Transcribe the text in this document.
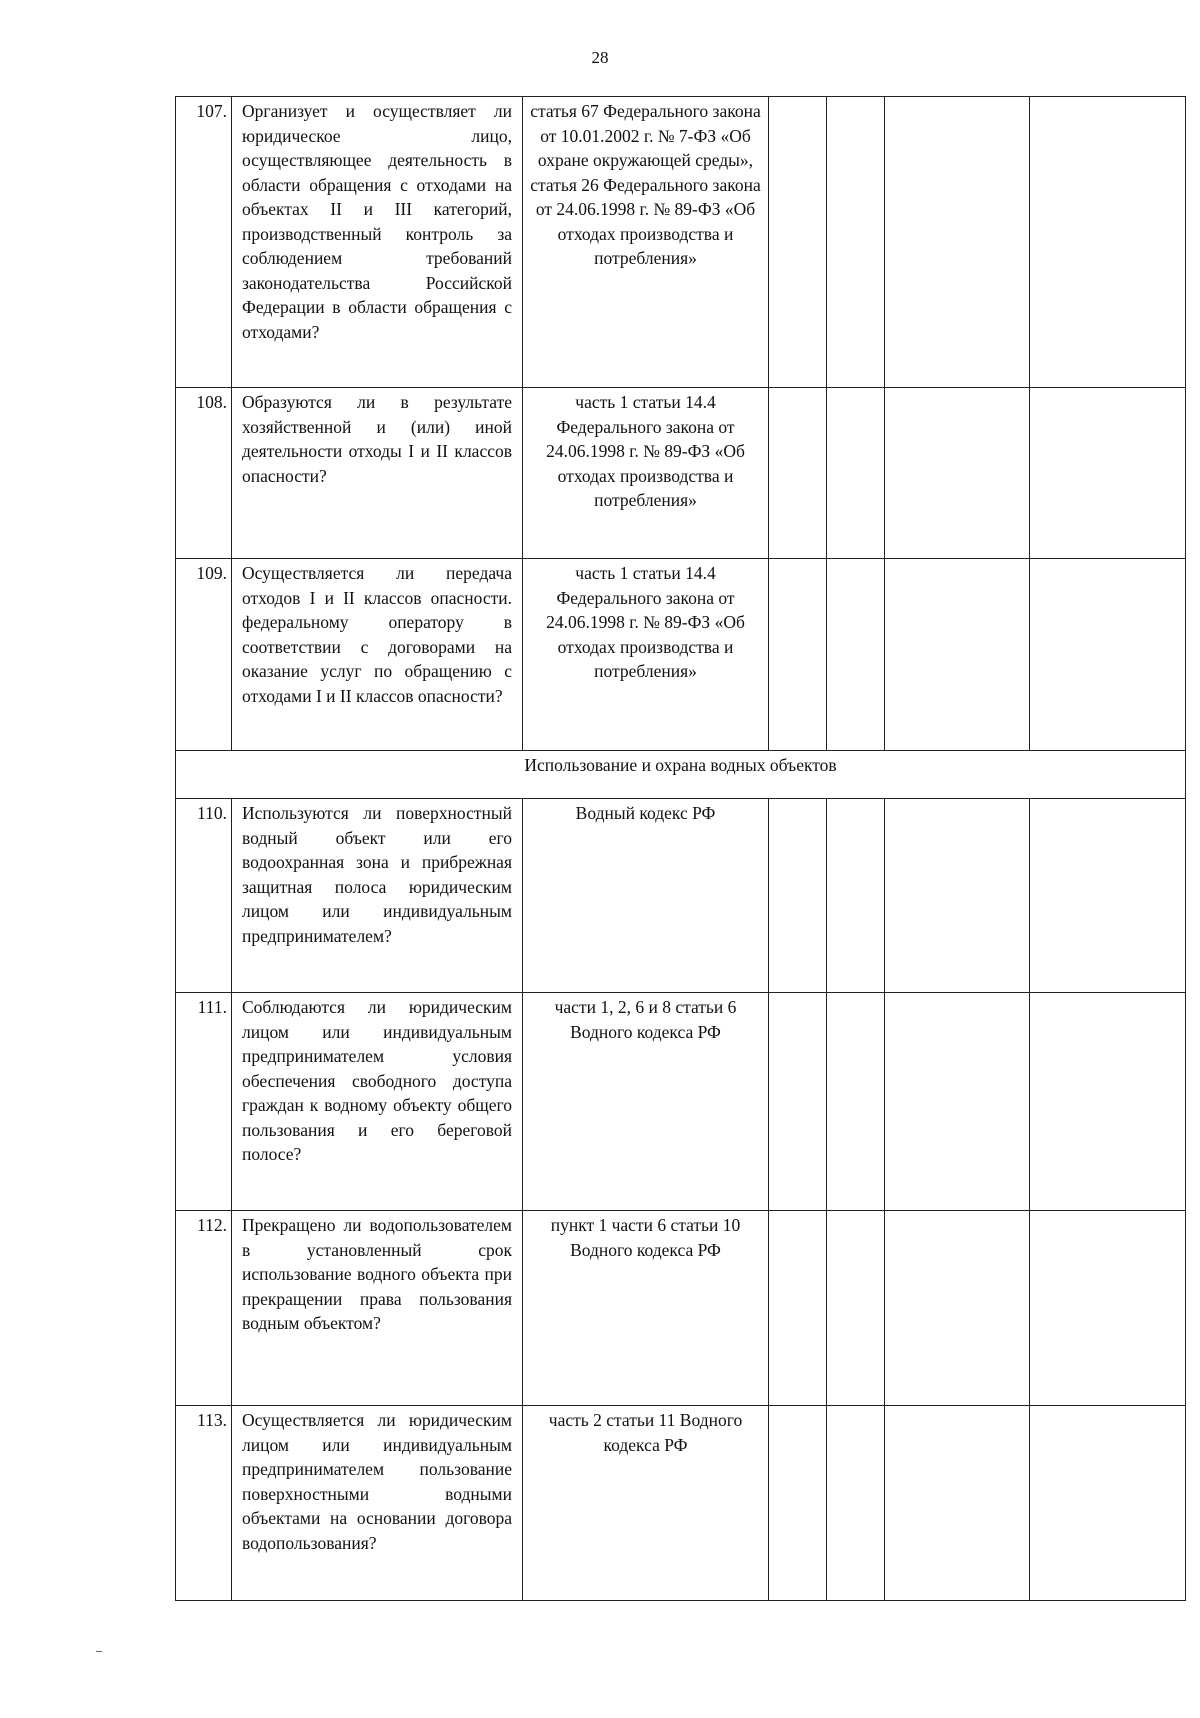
28
107.	Организует и осуществляет ли юридическое лицо, осуществляющее деятельность в области обращения с отходами на объектах II и III категорий, производственный контроль за соблюдением требований законодательства Российской Федерации в области обращения с отходами?	статья 67 Федерального закона от 10.01.2002 г. № 7-ФЗ «Об охране окружающей среды», статья 26 Федерального закона от 24.06.1998 г. № 89-ФЗ «Об отходах производства и потребления»				
108.	Образуются ли в результате хозяйственной и (или) иной деятельности отходы I и II классов опасности?	часть 1 статьи 14.4 Федерального закона от 24.06.1998 г. № 89-ФЗ «Об отходах производства и потребления»				
109.	Осуществляется ли передача отходов I и II классов опасности. федеральному оператору в соответствии с договорами на оказание услуг по обращению с отходами I и II классов опасности?	часть 1 статьи 14.4 Федерального закона от 24.06.1998 г. № 89-ФЗ «Об отходах производства и потребления»				
Использование и охрана водных объектов						
110.	Используются ли поверхностный водный объект или его водоохранная зона и прибрежная защитная полоса юридическим лицом или индивидуальным предпринимателем?	Водный кодекс РФ				
111.	Соблюдаются ли юридическим лицом или индивидуальным предпринимателем условия обеспечения свободного доступа граждан к водному объекту общего пользования и его береговой полосе?	части 1, 2, 6 и 8 статьи 6 Водного кодекса РФ				
112.	Прекращено ли водопользователем в установленный срок использование водного объекта при прекращении права пользования водным объектом?	пункт 1 части 6 статьи 10 Водного кодекса РФ				
113.	Осуществляется ли юридическим лицом или индивидуальным предпринимателем пользование поверхностными водными объектами на основании договора водопользования?	часть 2 статьи 11 Водного кодекса РФ				
